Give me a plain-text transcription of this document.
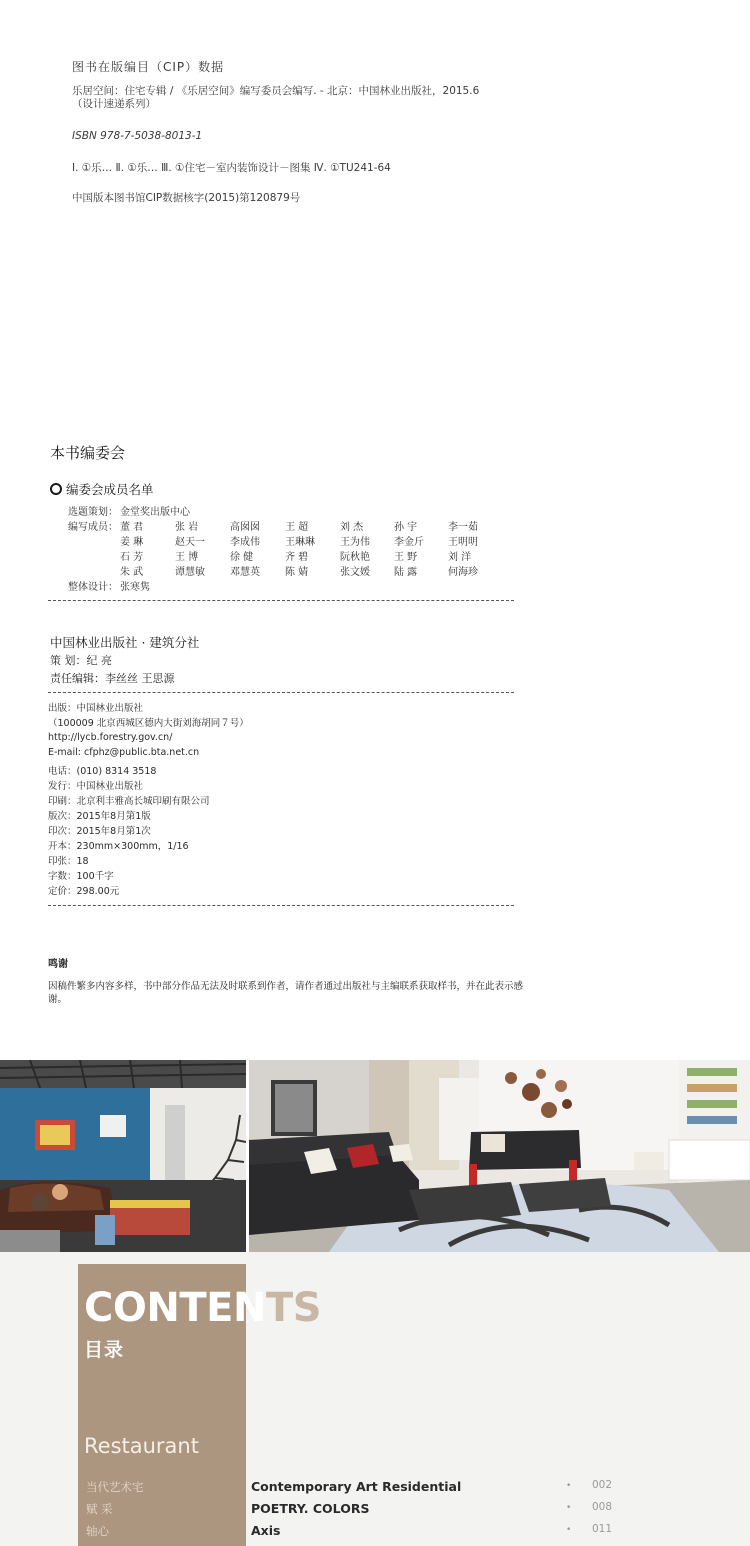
图书在版编目（CIP）数据
乐居空间：住宅专辑 / 《乐居空间》编写委员会编写. - 北京：中国林业出版社，2015.6
（设计速递系列）
ISBN 978-7-5038-8013-1
Ⅰ. ①乐… Ⅱ. ①乐… Ⅲ. ①住宅－室内装饰设计－图集 Ⅳ. ①TU241-64
中国版本图书馆CIP数据核字(2015)第120879号
本书编委会
编委会成员名单
选题策划： 金堂奖出版中心
编写成员： 董 君	张 岩	高囡囡	王 超	刘 杰	孙 宇	李一茹
姜 琳	赵天一	李成伟	王琳琳	王为伟 李金斤 王明明
石 芳	王 博	徐 健	齐 碧	阮秋艳 王 野	刘 洋
朱 武	谭慧敏	邓慧英	陈 婧	张文媛 陆 露	何海珍
整体设计： 张寒隽
中国林业出版社 · 建筑分社
策 划：纪 亮
责任编辑：李丝丝 王思源
出版：中国林业出版社
（100009 北京西城区德内大街刘海胡同７号）
http://lycb.forestry.gov.cn/
E-mail: cfphz@public.bta.net.cn
电话：(010) 8314 3518
发行：中国林业出版社
印刷：北京利丰雅高长城印刷有限公司
版次：2015年8月第1版
印次：2015年8月第1次
开本：230mm×300mm，1/16
印张：18
字数：100千字
定价：298.00元
鸣谢
因稿件繁多内容多样，书中部分作品无法及时联系到作者，请作者通过出版社与主编联系获取样书，并在此表示感谢。
CONTENTS
目录
Restaurant
当代艺术宅	Contemporary Art Residential	• 002
赋 采	POETRY. COLORS	• 008
轴心	Axis	• 011
